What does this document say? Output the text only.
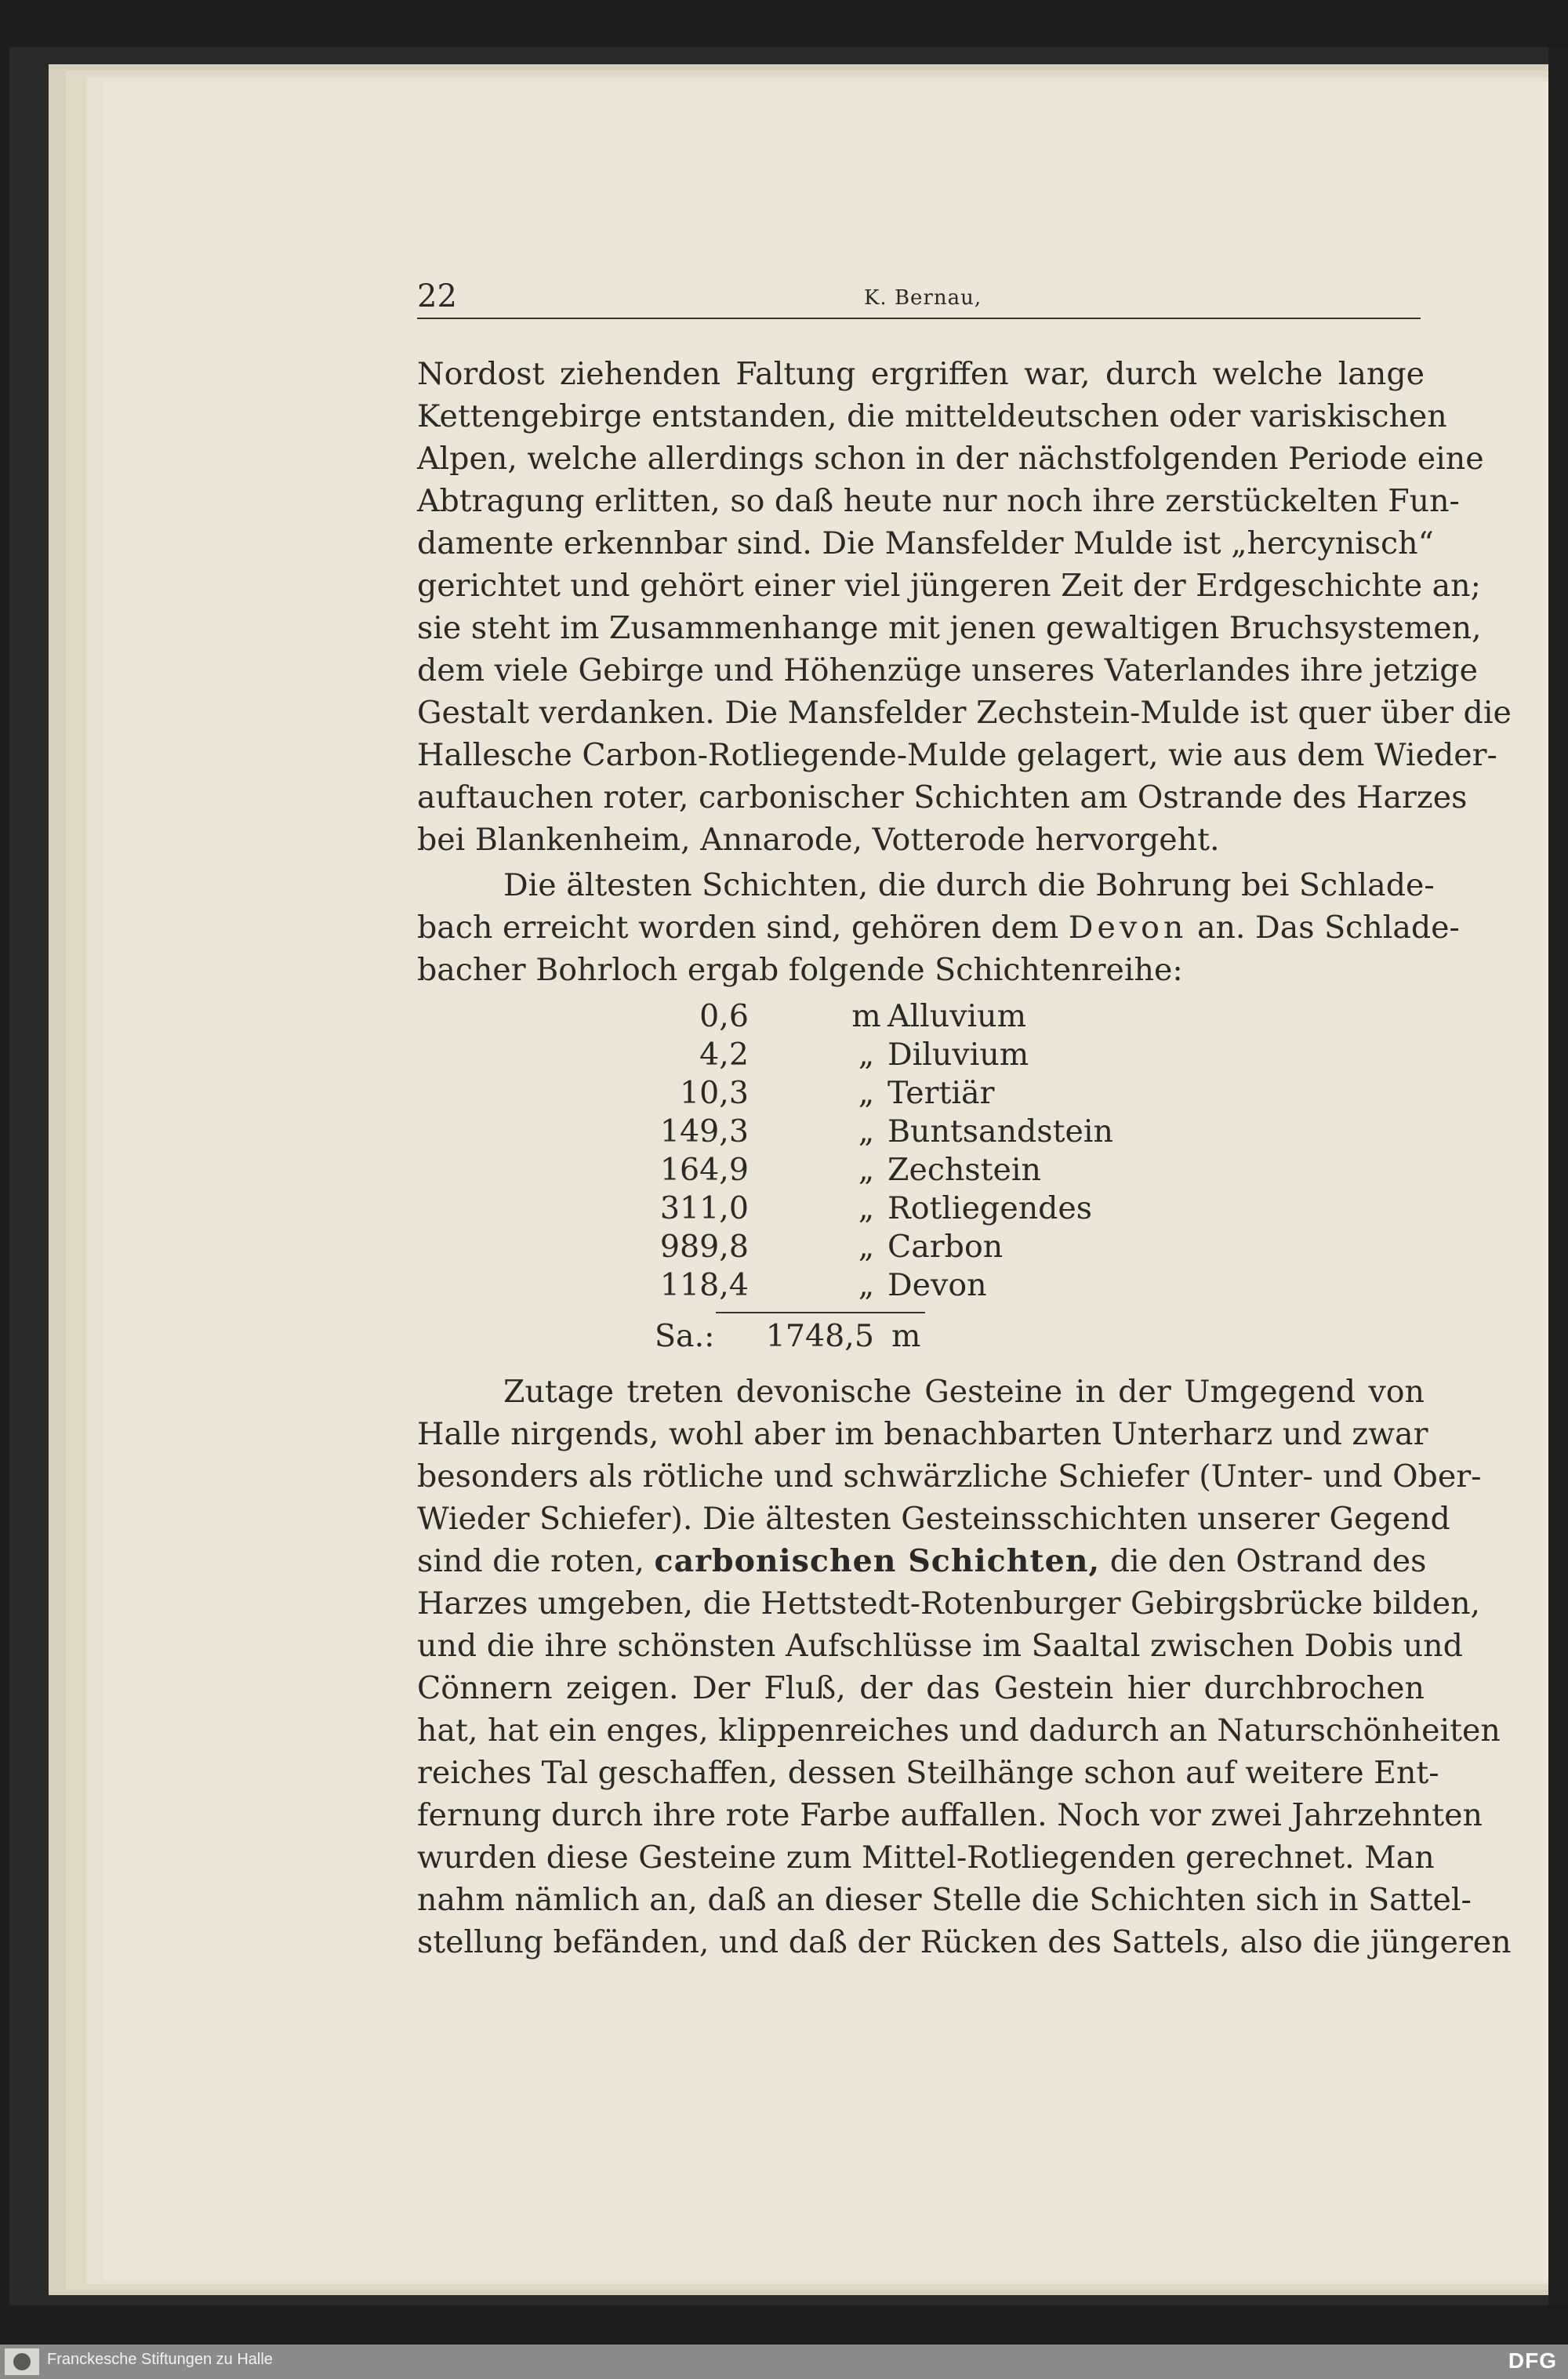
22	K. Bernau,
Nordost ziehenden Faltung ergriffen war, durch welche lange
Kettengebirge entstanden, die mitteldeutschen oder variskischen
Alpen, welche allerdings schon in der nächstfolgenden Periode eine
Abtragung erlitten, so daß heute nur noch ihre zerstückelten Fun-
damente erkennbar sind. Die Mansfelder Mulde ist „hercynisch“
gerichtet und gehört einer viel jüngeren Zeit der Erdgeschichte an;
sie steht im Zusammenhange mit jenen gewaltigen Bruchsystemen,
dem viele Gebirge und Höhenzüge unseres Vaterlandes ihre jetzige
Gestalt verdanken. Die Mansfelder Zechstein-Mulde ist quer über die
Hallesche Carbon-Rotliegende-Mulde gelagert, wie aus dem Wieder-
auftauchen roter, carbonischer Schichten am Ostrande des Harzes
bei Blankenheim, Annarode, Votterode hervorgeht.
Die ältesten Schichten, die durch die Bohrung bei Schlade-
bach erreicht worden sind, gehören dem Devon an. Das Schlade-
bacher Bohrloch ergab folgende Schichtenreihe:
0,6	m Alluvium
4,2	„ Diluvium
10,3	„ Tertiär
149,3	„ Buntsandstein
164,9	„ Zechstein
311,0	„ Rotliegendes
989,8	„ Carbon
118,4	„ Devon
Sa.: 1748,5 m
Zutage treten devonische Gesteine in der Umgegend von
Halle nirgends, wohl aber im benachbarten Unterharz und zwar
besonders als rötliche und schwärzliche Schiefer (Unter- und Ober-
Wieder Schiefer). Die ältesten Gesteinsschichten unserer Gegend
sind die roten, carbonischen Schichten, die den Ostrand des
Harzes umgeben, die Hettstedt-Rotenburger Gebirgsbrücke bilden,
und die ihre schönsten Aufschlüsse im Saaltal zwischen Dobis und
Cönnern zeigen. Der Fluß, der das Gestein hier durchbrochen
hat, hat ein enges, klippenreiches und dadurch an Naturschönheiten
reiches Tal geschaffen, dessen Steilhänge schon auf weitere Ent-
fernung durch ihre rote Farbe auffallen. Noch vor zwei Jahrzehnten
wurden diese Gesteine zum Mittel-Rotliegenden gerechnet. Man
nahm nämlich an, daß an dieser Stelle die Schichten sich in Sattel-
stellung befänden, und daß der Rücken des Sattels, also die jüngeren
Franckesche Stiftungen zu Halle	DFG
